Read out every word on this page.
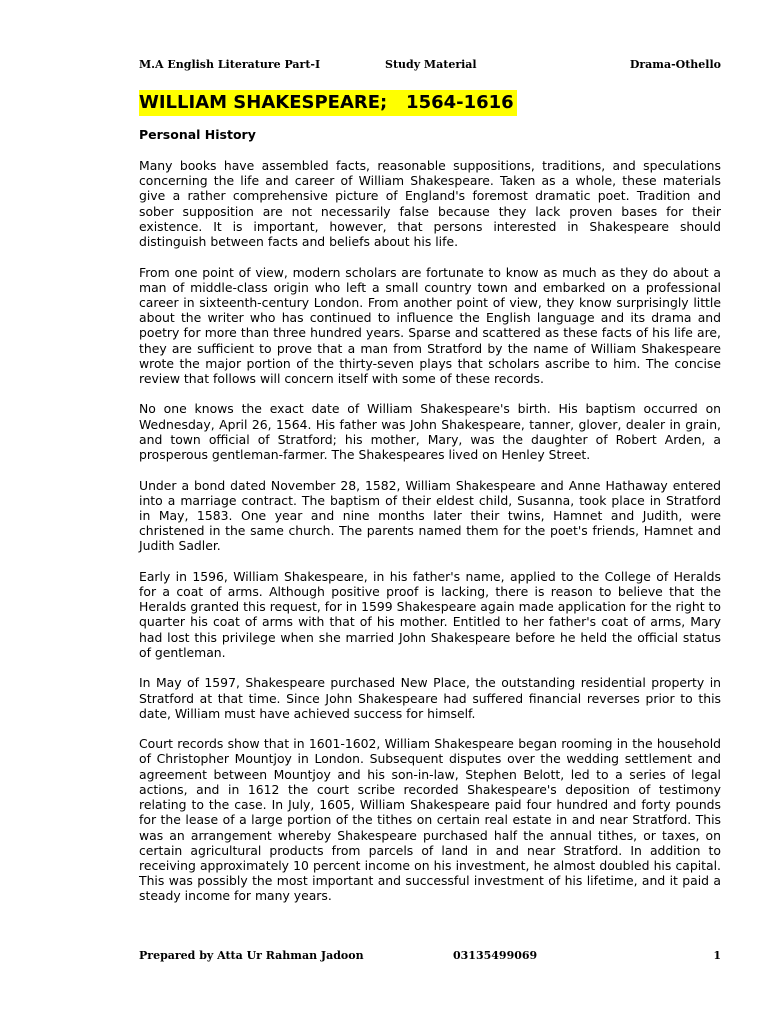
M.A English Literature Part-I	Study Material	Drama-Othello
WILLIAM SHAKESPEARE;   1564-1616
Personal History

Many books have assembled facts, reasonable suppositions, traditions, and speculations concerning the life and career of William Shakespeare. Taken as a whole, these materials give a rather comprehensive picture of England's foremost dramatic poet. Tradition and sober supposition are not necessarily false because they lack proven bases for their existence. It is important, however, that persons interested in Shakespeare should distinguish between facts and beliefs about his life.

From one point of view, modern scholars are fortunate to know as much as they do about a man of middle-class origin who left a small country town and embarked on a professional career in sixteenth-century London. From another point of view, they know surprisingly little about the writer who has continued to influence the English language and its drama and poetry for more than three hundred years. Sparse and scattered as these facts of his life are, they are sufficient to prove that a man from Stratford by the name of William Shakespeare wrote the major portion of the thirty-seven plays that scholars ascribe to him. The concise review that follows will concern itself with some of these records.

No one knows the exact date of William Shakespeare's birth. His baptism occurred on Wednesday, April 26, 1564. His father was John Shakespeare, tanner, glover, dealer in grain, and town official of Stratford; his mother, Mary, was the daughter of Robert Arden, a prosperous gentleman-farmer. The Shakespeares lived on Henley Street.

Under a bond dated November 28, 1582, William Shakespeare and Anne Hathaway entered into a marriage contract. The baptism of their eldest child, Susanna, took place in Stratford in May, 1583. One year and nine months later their twins, Hamnet and Judith, were christened in the same church. The parents named them for the poet's friends, Hamnet and Judith Sadler.

Early in 1596, William Shakespeare, in his father's name, applied to the College of Heralds for a coat of arms. Although positive proof is lacking, there is reason to believe that the Heralds granted this request, for in 1599 Shakespeare again made application for the right to quarter his coat of arms with that of his mother. Entitled to her father's coat of arms, Mary had lost this privilege when she married John Shakespeare before he held the official status of gentleman.

In May of 1597, Shakespeare purchased New Place, the outstanding residential property in Stratford at that time. Since John Shakespeare had suffered financial reverses prior to this date, William must have achieved success for himself.

Court records show that in 1601-1602, William Shakespeare began rooming in the household of Christopher Mountjoy in London. Subsequent disputes over the wedding settlement and agreement between Mountjoy and his son-in-law, Stephen Belott, led to a series of legal actions, and in 1612 the court scribe recorded Shakespeare's deposition of testimony relating to the case. In July, 1605, William Shakespeare paid four hundred and forty pounds for the lease of a large portion of the tithes on certain real estate in and near Stratford. This was an arrangement whereby Shakespeare purchased half the annual tithes, or taxes, on certain agricultural products from parcels of land in and near Stratford. In addition to receiving approximately 10 percent income on his investment, he almost doubled his capital. This was possibly the most important and successful investment of his lifetime, and it paid a steady income for many years.

Prepared by Atta Ur Rahman Jadoon	03135499069	1
